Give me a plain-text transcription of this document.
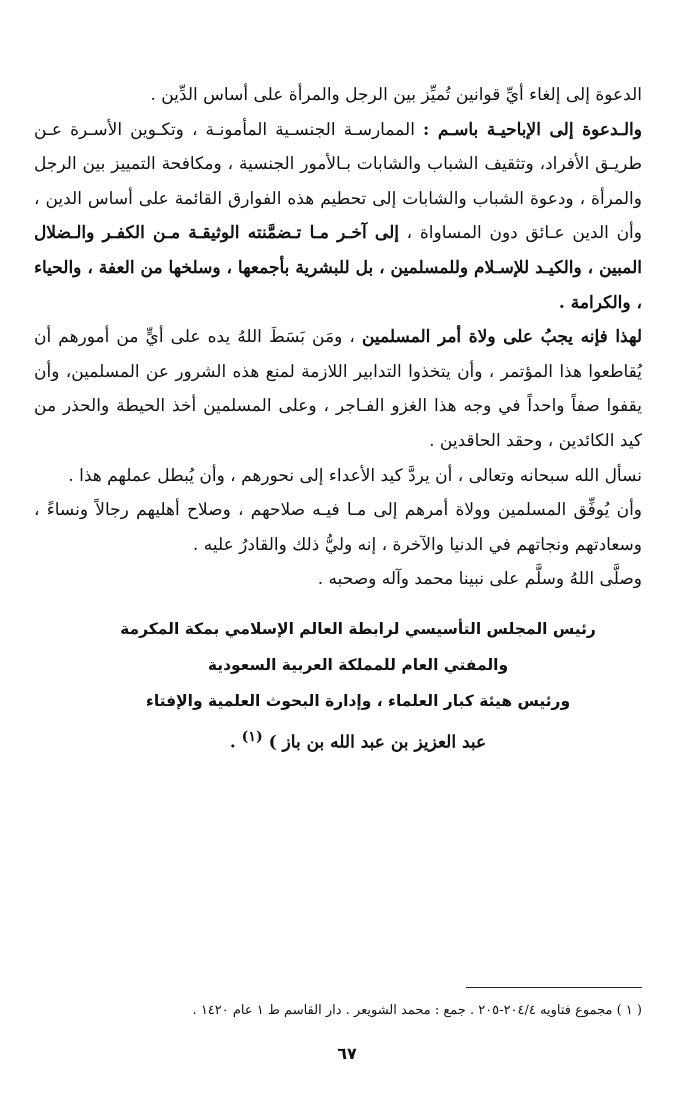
الدعوة إلى إلغاء أيِّ قوانين تُميِّز بين الرجل والمرأة على أساس الدِّين .

والـدعوة إلى الإباحيـة باسـم : الممارسـة الجنسـية المأمونـة ، وتكـوين الأسـرة عـن طريـق الأفراد، وتثقيف الشباب والشابات بـالأمور الجنسية ، ومكافحة التمييز بين الرجل والمرأة ، ودعوة الشباب والشابات إلى تحطيم هذه الفوارق القائمة على أساس الدين ، وأن الدين عـائق دون المساواة ، إلى آخـر مـا تـضمَّنته الوثيقـة مـن الكفـر والـضلال المبين ، والكيـد للإسـلام وللمسلمين ، بل للبشرية بأجمعها ، وسلخها من العفة ، والحياء ، والكرامة .

لهذا فإنه يجبُ على ولاة أمر المسلمين ، ومَن بَسَطَ اللهُ يده على أيٍّ من أمورهم أن يُقاطعوا هذا المؤتمر ، وأن يتخذوا التدابير اللازمة لمنع هذه الشرور عن المسلمين، وأن يقفوا صفاً واحداً في وجه هذا الغزو الفـاجر ، وعلى المسلمين أخذ الحيطة والحذر من كيد الكائدين ، وحقد الحاقدين .

نسأل الله سبحانه وتعالى ، أن يردَّ كيد الأعداء إلى نحورهم ، وأن يُبطل عملهم هذا .

وأن يُوفِّق المسلمين وولاة أمرهم إلى مـا فيـه صلاحهم ، وصلاح أهليهم رجالاً ونساءً ، وسعادتهم ونجاتهم في الدنيا والآخرة ، إنه وليُّ ذلك والقادرُ عليه .

وصلَّى اللهُ وسلَّم على نبينا محمد وآله وصحبه .

رئيس المجلس التأسيسي لرابطة العالم الإسلامي بمكة المكرمة
والمفتي العام للمملكة العربية السعودية
ورئيس هيئة كبار العلماء ، وإدارة البحوث العلمية والإفتاء
عبد العزيز بن عبد الله بن باز ) $^{(١)}$ .
( ١ ) مجموع فتاويه ٢٠٤/٤-٢٠٥ . جمع : محمد الشويعر . دار القاسم ط ١ عام ١٤٢٠ .
٦٧
